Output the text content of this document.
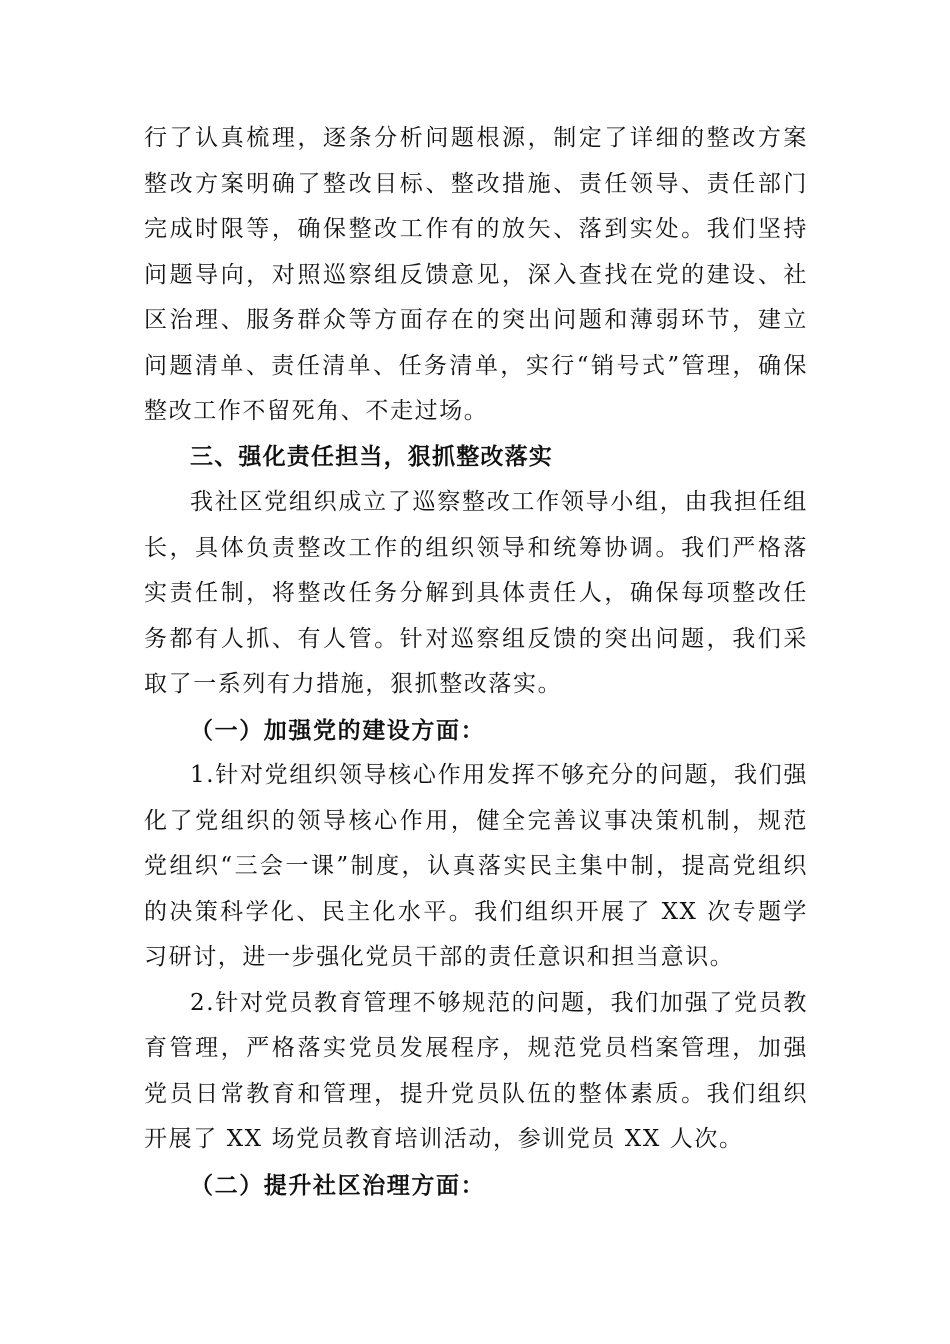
行了认真梳理，逐条分析问题根源，制定了详细的整改方案整改方案明确了整改目标、整改措施、责任领导、责任部门完成时限等，确保整改工作有的放矢、落到实处。我们坚持问题导向，对照巡察组反馈意见，深入查找在党的建设、社区治理、服务群众等方面存在的突出问题和薄弱环节，建立问题清单、责任清单、任务清单，实行“销号式”管理，确保整改工作不留死角、不走过场。

三、强化责任担当，狠抓整改落实

我社区党组织成立了巡察整改工作领导小组，由我担任组长，具体负责整改工作的组织领导和统筹协调。我们严格落实责任制，将整改任务分解到具体责任人，确保每项整改任务都有人抓、有人管。针对巡察组反馈的突出问题，我们采取了一系列有力措施，狠抓整改落实。

（一）加强党的建设方面：

1.针对党组织领导核心作用发挥不够充分的问题，我们强化了党组织的领导核心作用，健全完善议事决策机制，规范党组织“三会一课”制度，认真落实民主集中制，提高党组织的决策科学化、民主化水平。我们组织开展了 XX 次专题学习研讨，进一步强化党员干部的责任意识和担当意识。

2.针对党员教育管理不够规范的问题，我们加强了党员教育管理，严格落实党员发展程序，规范党员档案管理，加强党员日常教育和管理，提升党员队伍的整体素质。我们组织开展了 XX 场党员教育培训活动，参训党员 XX 人次。

（二）提升社区治理方面：
